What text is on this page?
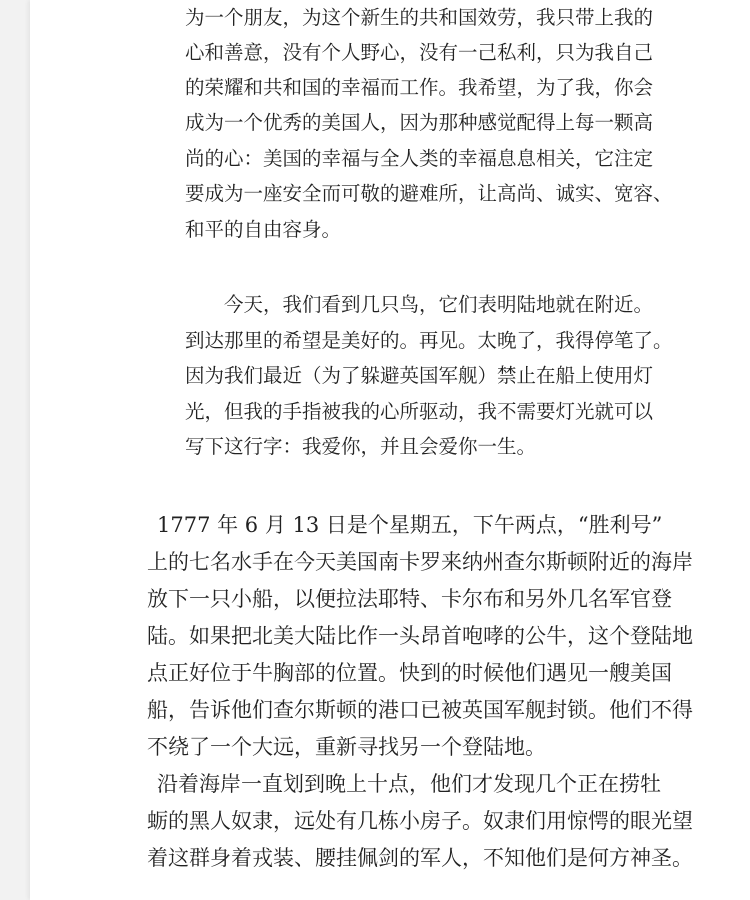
为一个朋友，为这个新生的共和国效劳，我只带上我的

心和善意，没有个人野心，没有一己私利，只为我自己

的荣耀和共和国的幸福而工作。我希望，为了我，你会

成为一个优秀的美国人，因为那种感觉配得上每一颗高

尚的心：美国的幸福与全人类的幸福息息相关，它注定

要成为一座安全而可敬的避难所，让高尚、诚实、宽容、

和平的自由容身。

今天，我们看到几只鸟，它们表明陆地就在附近。

到达那里的希望是美好的。再见。太晚了，我得停笔了。

因为我们最近（为了躲避英国军舰）禁止在船上使用灯

光，但我的手指被我的心所驱动，我不需要灯光就可以

写下这行字：我爱你，并且会爱你一生。

1777 年 6 月 13 日是个星期五，下午两点，“胜利号”

上的七名水手在今天美国南卡罗来纳州查尔斯顿附近的海岸

放下一只小船，以便拉法耶特、卡尔布和另外几名军官登

陆。如果把北美大陆比作一头昂首咆哮的公牛，这个登陆地

点正好位于牛胸部的位置。快到的时候他们遇见一艘美国

船，告诉他们查尔斯顿的港口已被英国军舰封锁。他们不得

不绕了一个大远，重新寻找另一个登陆地。

沿着海岸一直划到晚上十点，他们才发现几个正在捞牡

蛎的黑人奴隶，远处有几栋小房子。奴隶们用惊愕的眼光望

着这群身着戎装、腰挂佩剑的军人，不知他们是何方神圣。
